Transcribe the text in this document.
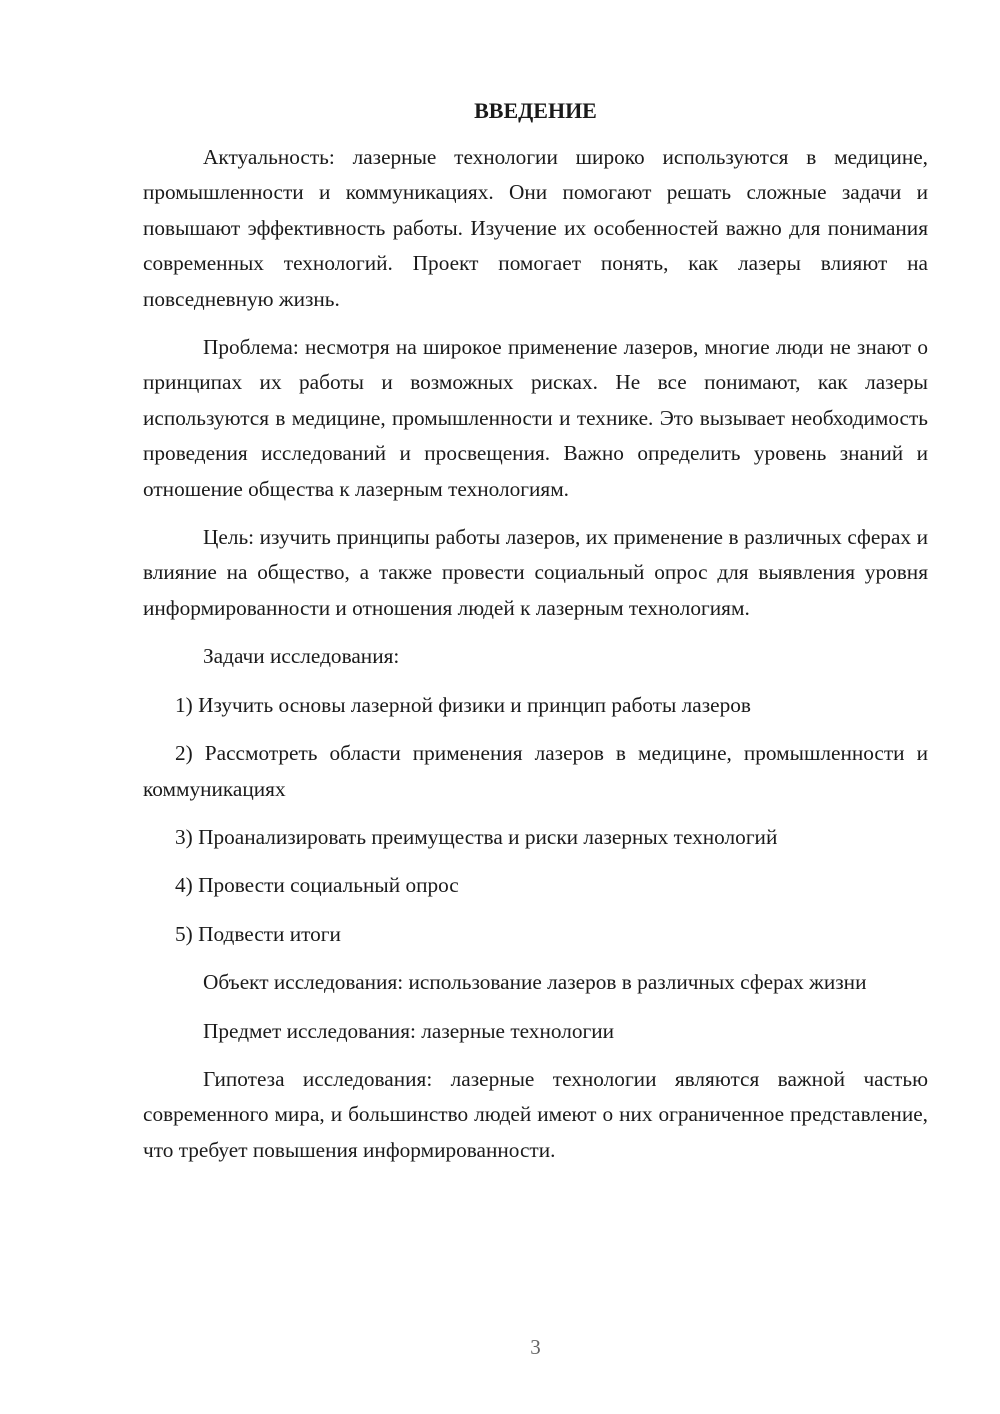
ВВЕДЕНИЕ

Актуальность: лазерные технологии широко используются в медицине, промышленности и коммуникациях. Они помогают решать сложные задачи и повышают эффективность работы. Изучение их особенностей важно для понимания современных технологий. Проект помогает понять, как лазеры влияют на повседневную жизнь.

Проблема: несмотря на широкое применение лазеров, многие люди не знают о принципах их работы и возможных рисках. Не все понимают, как лазеры используются в медицине, промышленности и технике. Это вызывает необходимость проведения исследований и просвещения. Важно определить уровень знаний и отношение общества к лазерным технологиям.

Цель: изучить принципы работы лазеров, их применение в различных сферах и влияние на общество, а также провести социальный опрос для выявления уровня информированности и отношения людей к лазерным технологиям.

Задачи исследования:

1) Изучить основы лазерной физики и принцип работы лазеров

2) Рассмотреть области применения лазеров в медицине, промышленности и коммуникациях

3) Проанализировать преимущества и риски лазерных технологий

4) Провести социальный опрос

5) Подвести итоги

Объект исследования: использование лазеров в различных сферах жизни

Предмет исследования: лазерные технологии

Гипотеза исследования: лазерные технологии являются важной частью современного мира, и большинство людей имеют о них ограниченное представление, что требует повышения информированности.

3
